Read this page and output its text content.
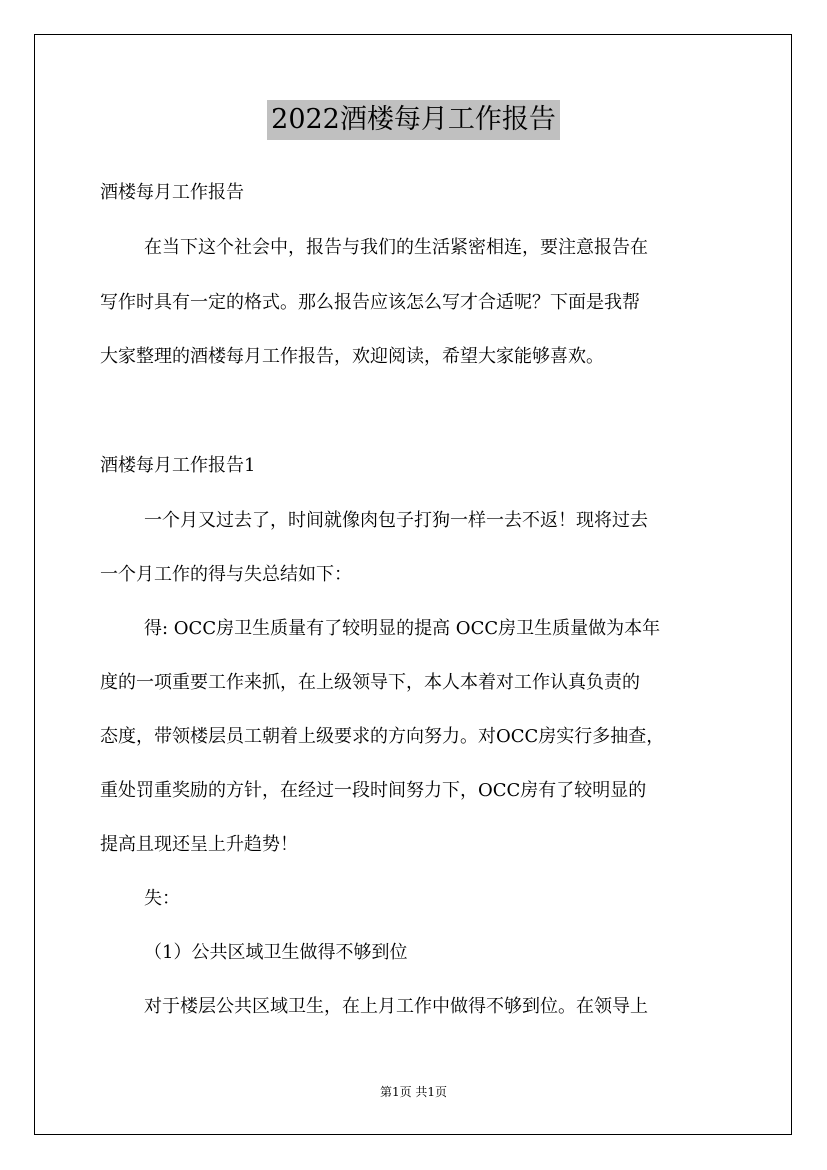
2022酒楼每月工作报告
酒楼每月工作报告
在当下这个社会中，报告与我们的生活紧密相连，要注意报告在
写作时具有一定的格式。那么报告应该怎么写才合适呢？下面是我帮
大家整理的酒楼每月工作报告，欢迎阅读，希望大家能够喜欢。
酒楼每月工作报告1
一个月又过去了，时间就像肉包子打狗一样一去不返！现将过去
一个月工作的得与失总结如下：
得: OCC房卫生质量有了较明显的提高 OCC房卫生质量做为本年
度的一项重要工作来抓，在上级领导下，本人本着对工作认真负责的
态度，带领楼层员工朝着上级要求的方向努力。对OCC房实行多抽查，
重处罚重奖励的方针，在经过一段时间努力下，OCC房有了较明显的
提高且现还呈上升趋势！
失：
（1）公共区域卫生做得不够到位
对于楼层公共区域卫生，在上月工作中做得不够到位。在领导上
第1页 共1页
